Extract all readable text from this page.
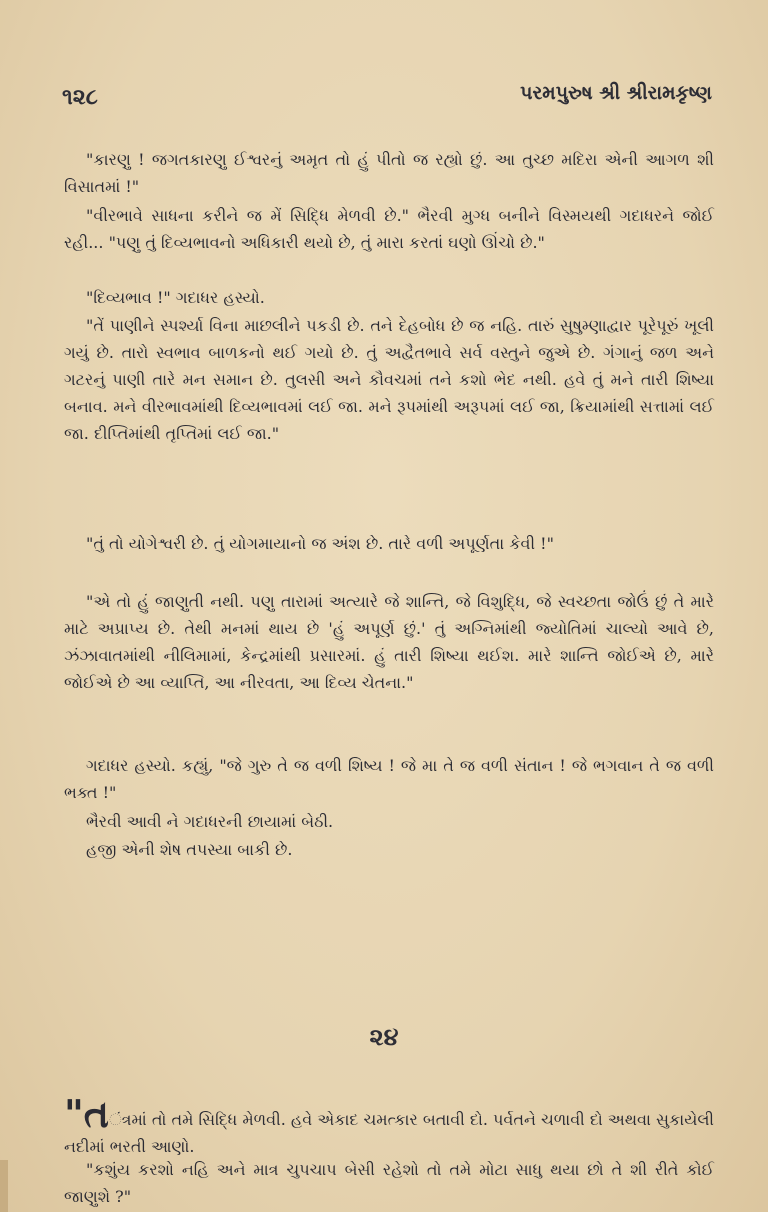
૧૨૮	પરમપુરુષ શ્રી શ્રીરામકૃષ્ણ
"કારણુ ! જગતકારણુ ઈશ્વરનું અમૃત તો હું પીતો જ રહ્યો છું. આ તુચ્છ મદિરા એની આગળ શી વિસાતમાં !"
"વીરભાવે સાધના કરીને જ મેં સિદ્ધિ મેળવી છે." ભૈરવી મુગ્ધ બનીને વિસ્મયથી ગદાધરને જોઈ રહી... "પણુ તું દિવ્યભાવનો અધિકારી થયો છે, તું મારા કરતાં ઘણો ઊંચો છે."
"દિવ્યભાવ !" ગદાધર હસ્યો.
"તેં પાણીને સ્પર્શ્યા વિના માછલીને પકડી છે. તને દેહબોધ છે જ નહિ. તારું સુષુમ્ણાદ્વાર પૂરેપૂરું ખૂલી ગયું છે. તારો સ્વભાવ બાળકનો થઈ ગયો છે. તું અદ્વૈતભાવે સર્વ વસ્તુને જુએ છે. ગંગાનું જળ અને ગટરનું પાણી તારે મન સમાન છે. તુલસી અને કૌવચમાં તને કશો ભેદ નથી. હવે તું મને તારી શિષ્યા બનાવ. મને વીરભાવમાંથી દિવ્યભાવમાં લઈ જા. મને રૂપમાંથી અરૂપમાં લઈ જા, ક્રિયામાંથી સત્તામાં લઈ જા. દીપ્તિમાંથી તૃપ્તિમાં લઈ જા."
"તું તો યોગેશ્વરી છે. તું યોગમાયાનો જ અંશ છે. તારે વળી અપૂર્ણતા કેવી !"
"એ તો હું જાણુતી નથી. પણુ તારામાં અત્યારે જે શાન્તિ, જે વિશુદ્ધિ, જે સ્વચ્છતા જોઉં છું તે મારે માટે અપ્રાપ્ય છે. તેથી મનમાં થાય છે 'હું અપૂર્ણ છું.' તું અગ્નિમાંથી જ્યોતિમાં ચાલ્યો આવે છે, ઝંઝાવાતમાંથી નીલિમામાં, કેન્દ્રમાંથી પ્રસારમાં. હું તારી શિષ્યા થઈશ. મારે શાન્તિ જોઈએ છે, મારે જોઈએ છે આ વ્યાપ્તિ, આ નીરવતા, આ દિવ્ય ચેતના."
ગદાધર હસ્યો. કહ્યું, "જે ગુરુ તે જ વળી શિષ્ય ! જે મા તે જ વળી સંતાન ! જે ભગવાન તે જ વળી ભક્ત !"
ભૈરવી આવી ને ગદાધરની છાયામાં બેઠી.
હજી એની શેષ તપસ્યા બાકી છે.
૨૪
"તંત્રમાં તો તમે સિદ્ધિ મેળવી. હવે એકાદ ચમત્કાર બતાવી દો. પર્વતને ચળાવી દો અથવા સુકાયેલી નદીમાં ભરતી આણો.
"કશુંય કરશો નહિ અને માત્ર ચુપચાપ બેસી રહેશો તો તમે મોટા સાધુ થયા છો તે શી રીતે કોઈ જાણુશે ?"
